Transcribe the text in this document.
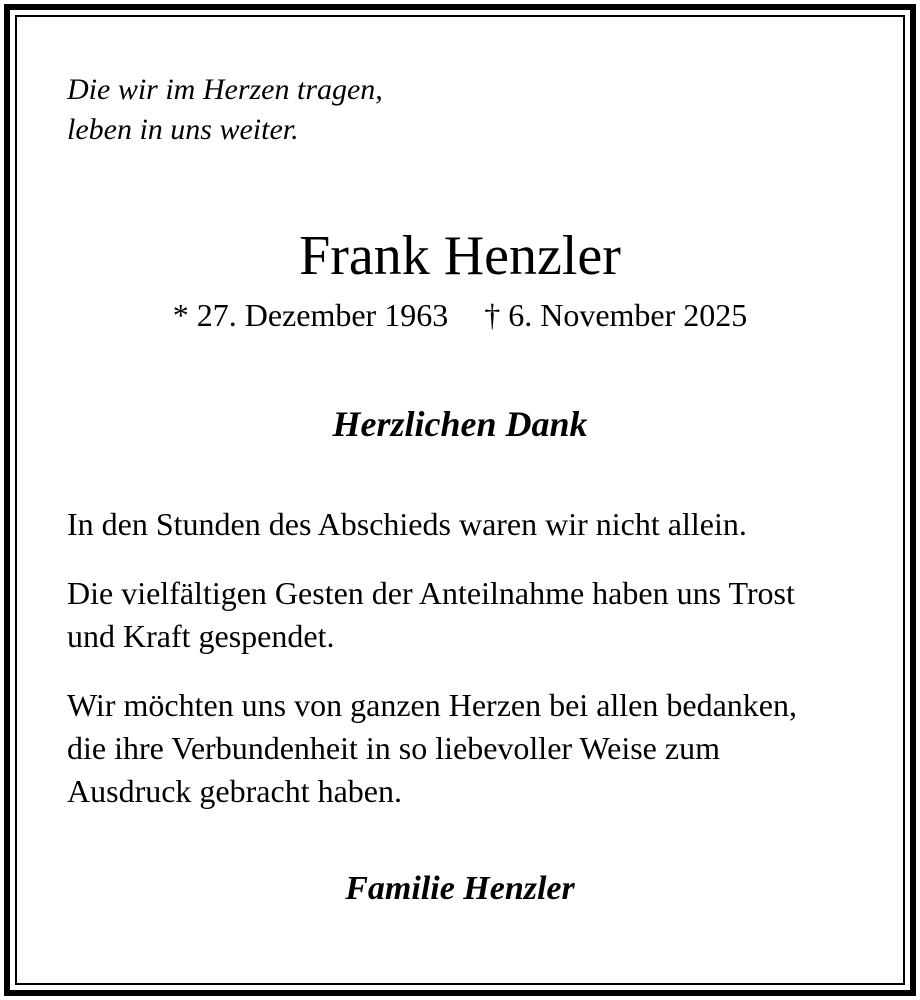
Die wir im Herzen tragen,
leben in uns weiter.
Frank Henzler
* 27. Dezember 1963 † 6. November 2025
Herzlichen Dank
In den Stunden des Abschieds waren wir nicht allein.
Die vielfältigen Gesten der Anteilnahme haben uns Trost
und Kraft gespendet.
Wir möchten uns von ganzen Herzen bei allen bedanken,
die ihre Verbundenheit in so liebevoller Weise zum
Ausdruck gebracht haben.
Familie Henzler
